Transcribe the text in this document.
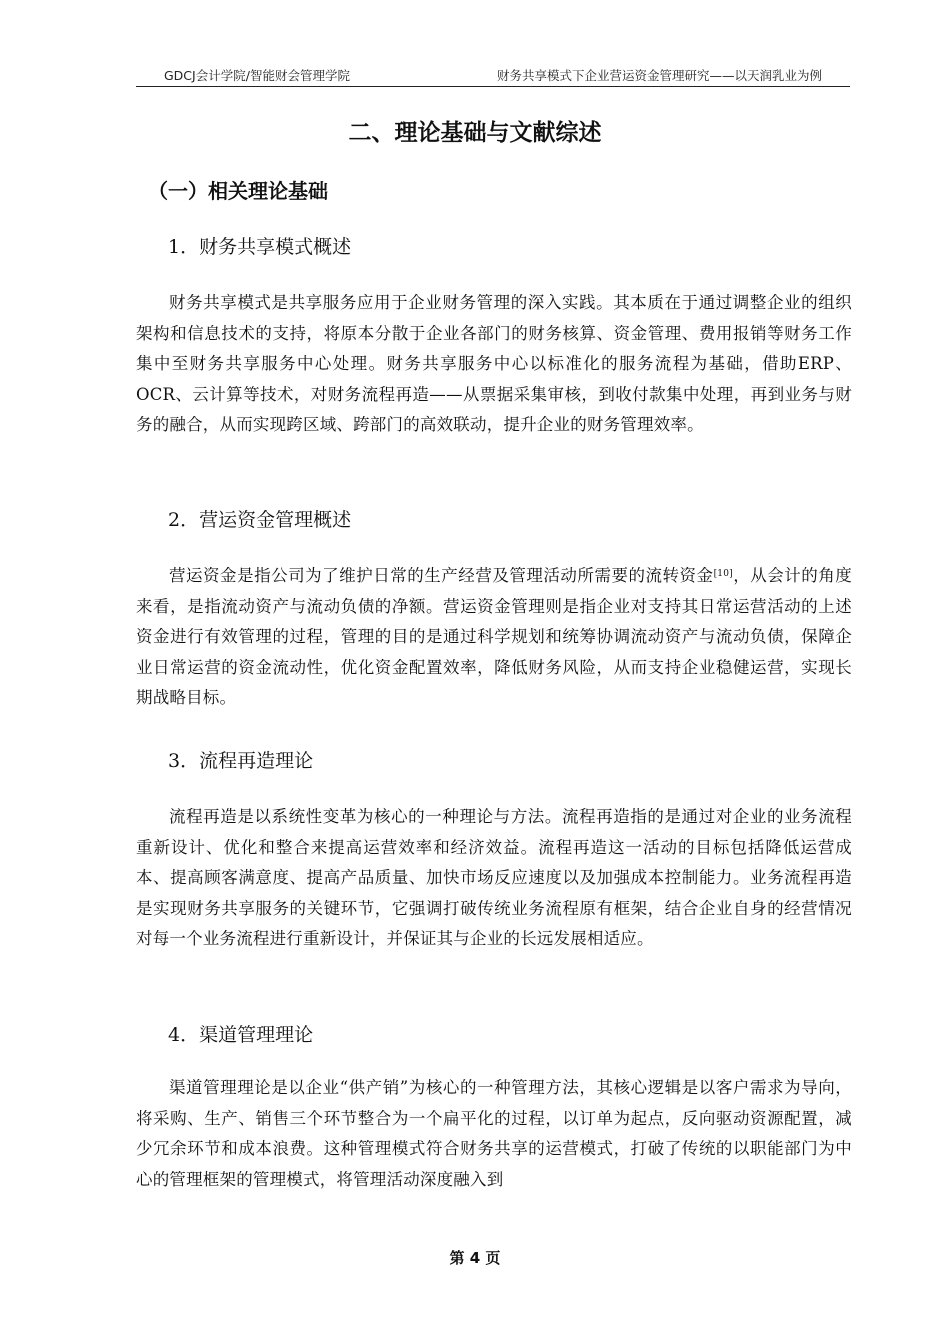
GDCJ会计学院/智能财会管理学院	财务共享模式下企业营运资金管理研究——以天润乳业为例
二、理论基础与文献综述
（一）相关理论基础
1．财务共享模式概述

财务共享模式是共享服务应用于企业财务管理的深入实践。其本质在于通过调整企业的组织架构和信息技术的支持，将原本分散于企业各部门的财务核算、资金管理、费用报销等财务工作集中至财务共享服务中心处理。财务共享服务中心以标准化的服务流程为基础，借助ERP、OCR、云计算等技术，对财务流程再造——从票据采集审核，到收付款集中处理，再到业务与财务的融合，从而实现跨区域、跨部门的高效联动，提升企业的财务管理效率。

2．营运资金管理概述

营运资金是指公司为了维护日常的生产经营及管理活动所需要的流转资金[10]，从会计的角度来看，是指流动资产与流动负债的净额。营运资金管理则是指企业对支持其日常运营活动的上述资金进行有效管理的过程，管理的目的是通过科学规划和统筹协调流动资产与流动负债，保障企业日常运营的资金流动性，优化资金配置效率，降低财务风险，从而支持企业稳健运营，实现长期战略目标。

3．流程再造理论

流程再造是以系统性变革为核心的一种理论与方法。流程再造指的是通过对企业的业务流程重新设计、优化和整合来提高运营效率和经济效益。流程再造这一活动的目标包括降低运营成本、提高顾客满意度、提高产品质量、加快市场反应速度以及加强成本控制能力。业务流程再造是实现财务共享服务的关键环节，它强调打破传统业务流程原有框架，结合企业自身的经营情况对每一个业务流程进行重新设计，并保证其与企业的长远发展相适应。

4．渠道管理理论

渠道管理理论是以企业“供产销”为核心的一种管理方法，其核心逻辑是以客户需求为导向，将采购、生产、销售三个环节整合为一个扁平化的过程，以订单为起点，反向驱动资源配置，减少冗余环节和成本浪费。这种管理模式符合财务共享的运营模式，打破了传统的以职能部门为中心的管理框架的管理模式，将管理活动深度融入到

第 4 页
